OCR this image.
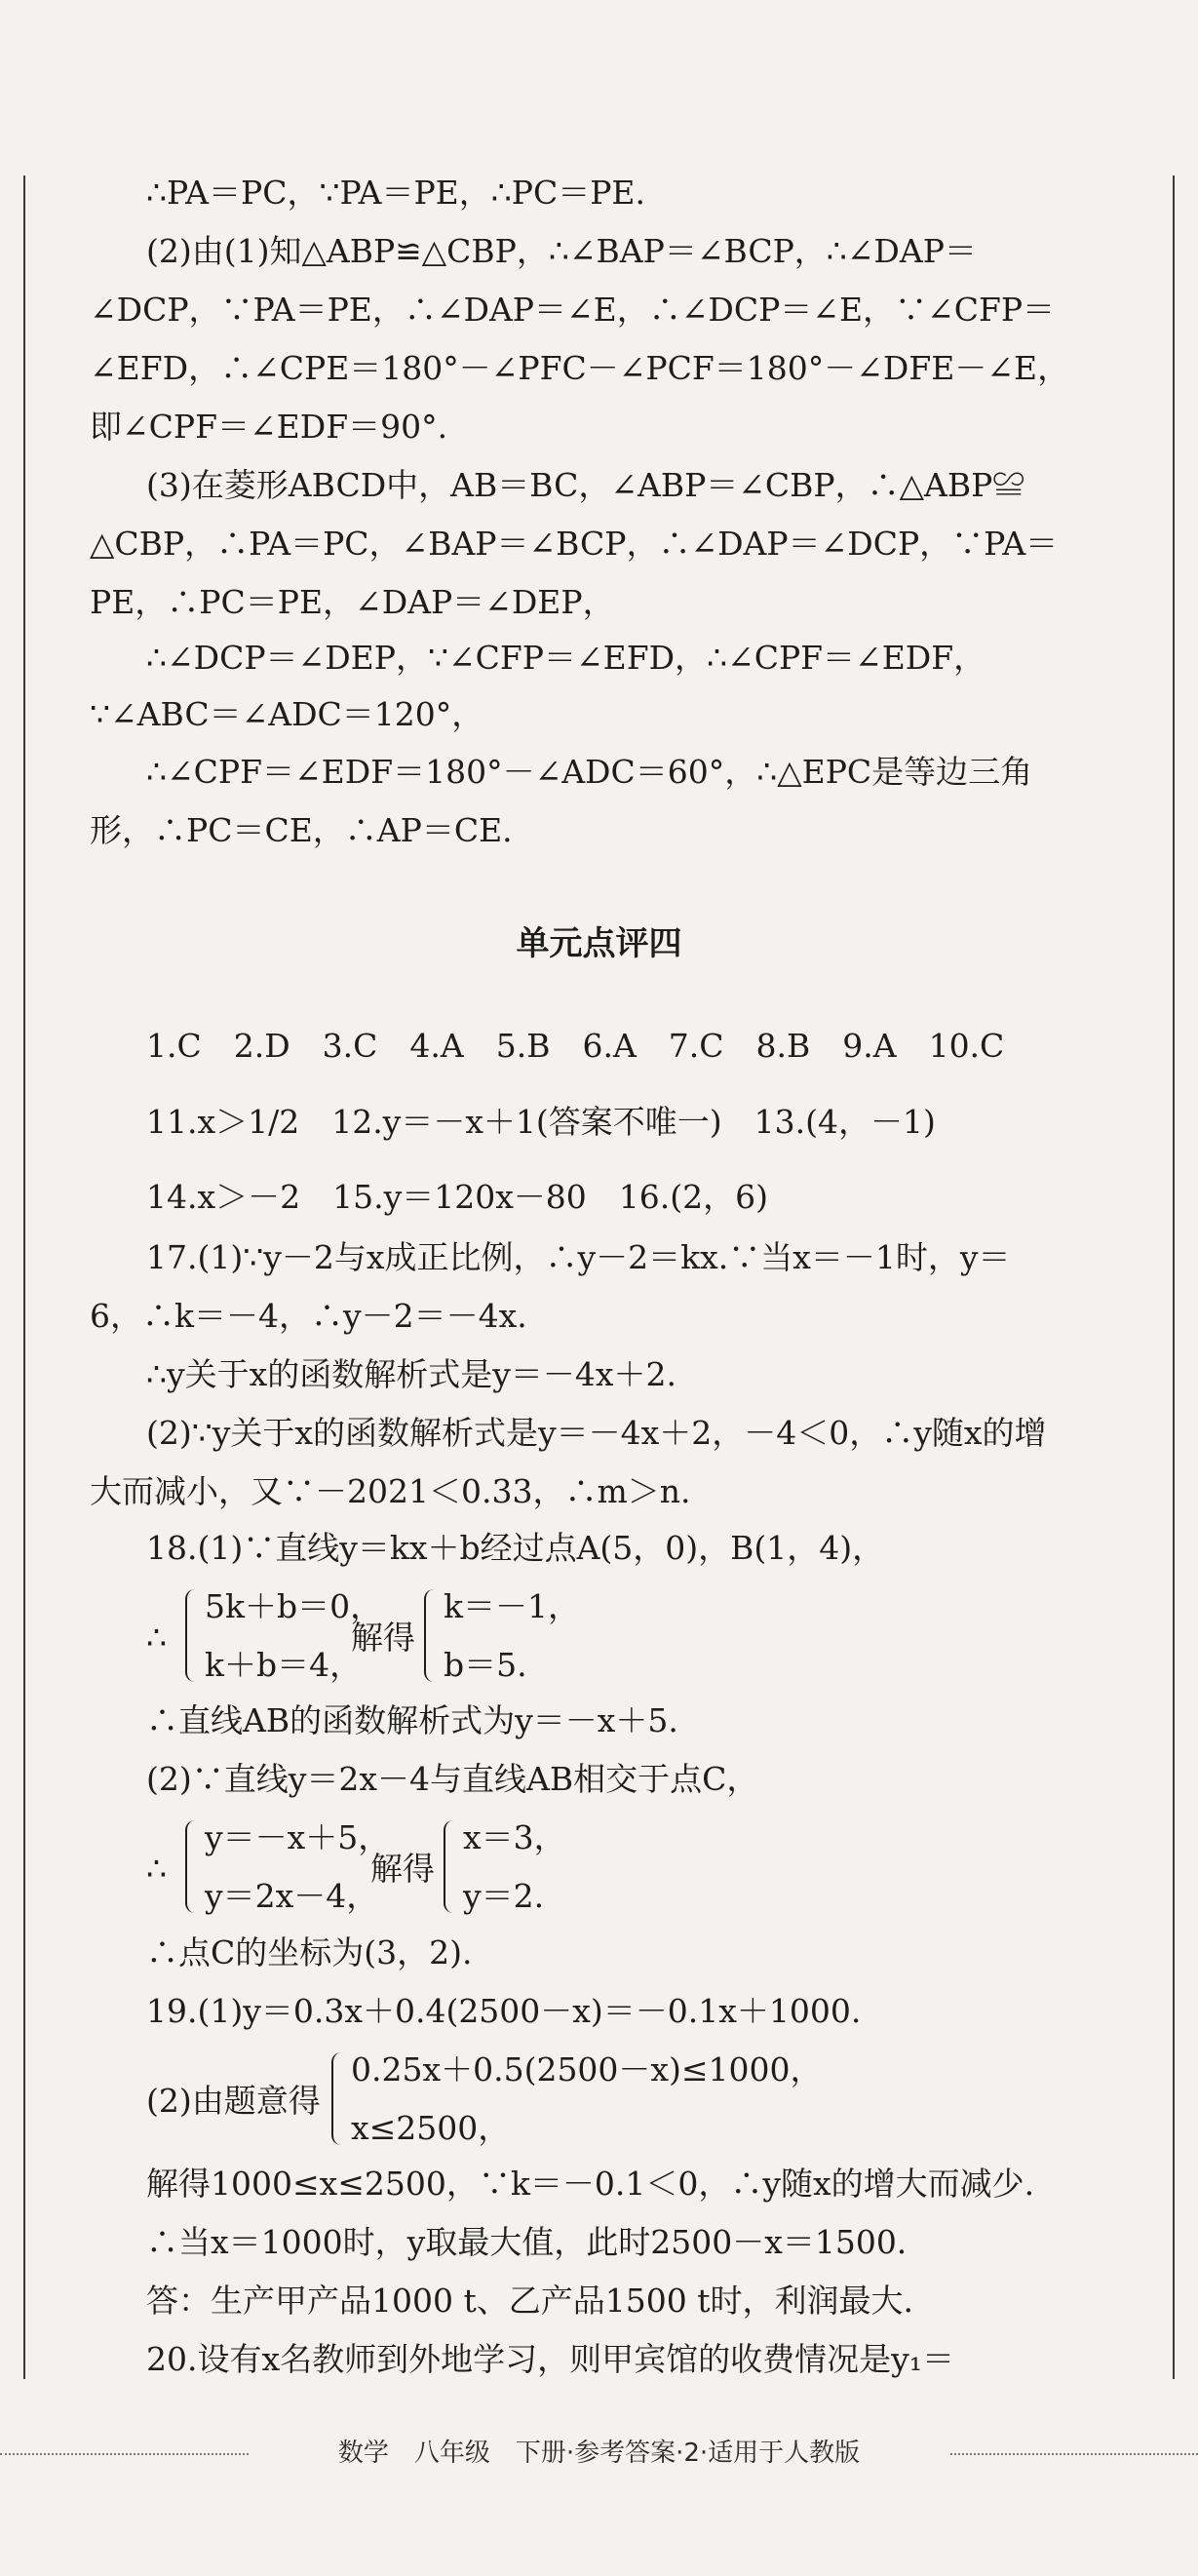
∴PA＝PC，∵PA＝PE，∴PC＝PE.
(2)由(1)知△ABP≌△CBP，∴∠BAP＝∠BCP，∴∠DAP＝
∠DCP，∵PA＝PE，∴∠DAP＝∠E，∴∠DCP＝∠E，∵∠CFP＝
∠EFD，∴∠CPE＝180°－∠PFC－∠PCF＝180°－∠DFE－∠E，
即∠CPF＝∠EDF＝90°.
(3)在菱形ABCD中，AB＝BC，∠ABP＝∠CBP，∴△ABP≌
△CBP，∴PA＝PC，∠BAP＝∠BCP，∴∠DAP＝∠DCP，∵PA＝
PE，∴PC＝PE，∠DAP＝∠DEP，
∴∠DCP＝∠DEP，∵∠CFP＝∠EFD，∴∠CPF＝∠EDF，
∵∠ABC＝∠ADC＝120°，
∴∠CPF＝∠EDF＝180°－∠ADC＝60°，∴△EPC是等边三角
形，∴PC＝CE，∴AP＝CE.
单元点评四
1.C　2.D　3.C　4.A　5.B　6.A　7.C　8.B　9.A　10.C
11.x＞1/2　12.y＝－x＋1(答案不唯一)　13.(4，－1)
14.x＞－2　15.y＝120x－80　16.(2，6)
17.(1)∵y－2与x成正比例，∴y－2＝kx.∵当x＝－1时，y＝
6，∴k＝－4，∴y－2＝－4x.
∴y关于x的函数解析式是y＝－4x＋2.
(2)∵y关于x的函数解析式是y＝－4x＋2，－4＜0，∴y随x的增
大而减小，又∵－2021＜0.33，∴m＞n.
18.(1)∵直线y＝kx＋b经过点A(5，0)，B(1，4)，
∴
5k＋b＝0，
k＋b＝4，
解得
k＝－1，
b＝5.
∴直线AB的函数解析式为y＝－x＋5.
(2)∵直线y＝2x－4与直线AB相交于点C，
∴
y＝－x＋5，
y＝2x－4，
解得
x＝3，
y＝2.
∴点C的坐标为(3，2).
19.(1)y＝0.3x＋0.4(2500－x)＝－0.1x＋1000.
(2)由题意得
0.25x＋0.5(2500－x)≤1000，
x≤2500，
解得1000≤x≤2500，∵k＝－0.1＜0，∴y随x的增大而减少.
∴当x＝1000时，y取最大值，此时2500－x＝1500.
答：生产甲产品1000 t、乙产品1500 t时，利润最大.
20.设有x名教师到外地学习，则甲宾馆的收费情况是y₁＝
数学　八年级　下册·参考答案·2·适用于人教版
